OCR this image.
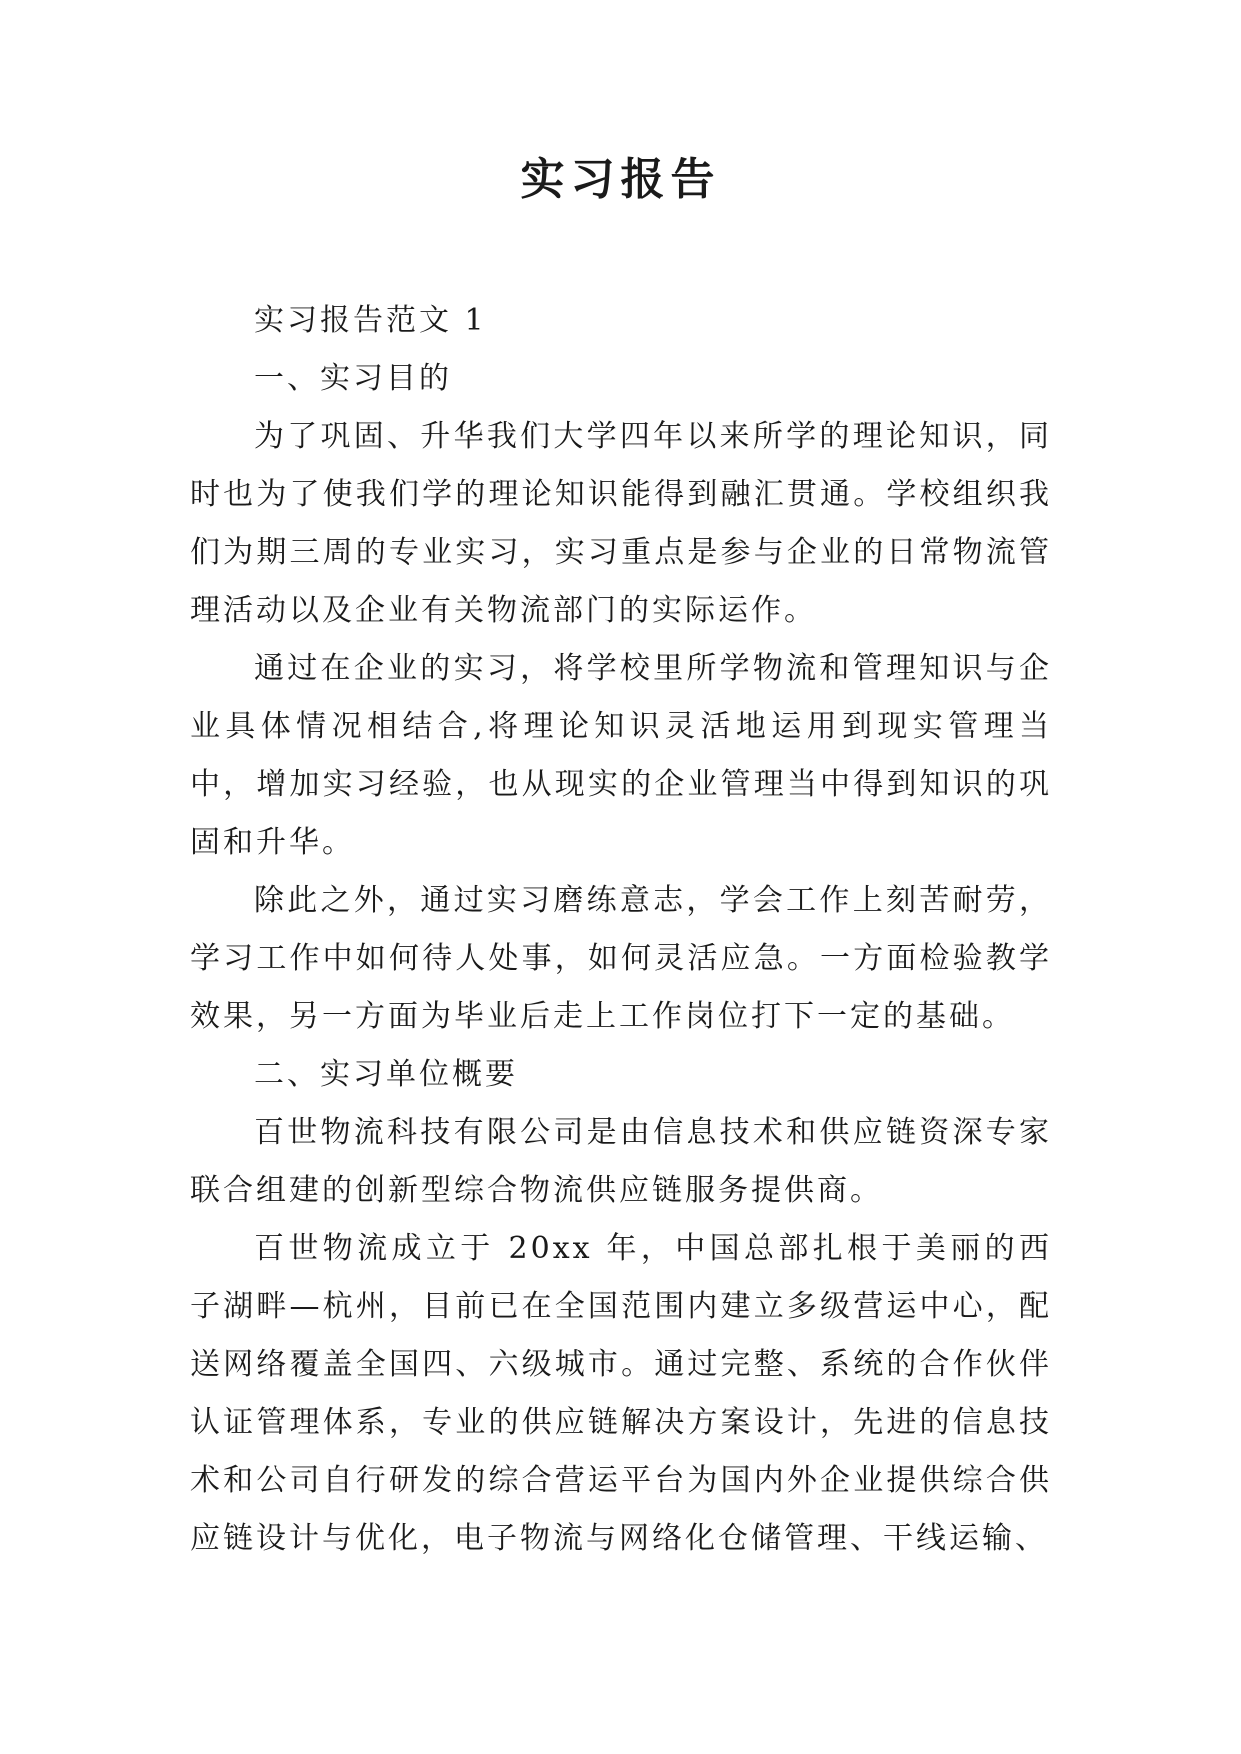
实习报告

实习报告范文 1

一、实习目的

为了巩固、升华我们大学四年以来所学的理论知识，同时也为了使我们学的理论知识能得到融汇贯通。学校组织我们为期三周的专业实习，实习重点是参与企业的日常物流管理活动以及企业有关物流部门的实际运作。

通过在企业的实习，将学校里所学物流和管理知识与企业具体情况相结合,将理论知识灵活地运用到现实管理当中，增加实习经验，也从现实的企业管理当中得到知识的巩固和升华。

除此之外，通过实习磨练意志，学会工作上刻苦耐劳，学习工作中如何待人处事，如何灵活应急。一方面检验教学效果，另一方面为毕业后走上工作岗位打下一定的基础。

二、实习单位概要

百世物流科技有限公司是由信息技术和供应链资深专家联合组建的创新型综合物流供应链服务提供商。

百世物流成立于 20xx 年，中国总部扎根于美丽的西子湖畔—杭州，目前已在全国范围内建立多级营运中心，配送网络覆盖全国四、六级城市。通过完整、系统的合作伙伴认证管理体系，专业的供应链解决方案设计，先进的信息技术和公司自行研发的综合营运平台为国内外企业提供综合供应链设计与优化，电子物流与网络化仓储管理、干线运输、
